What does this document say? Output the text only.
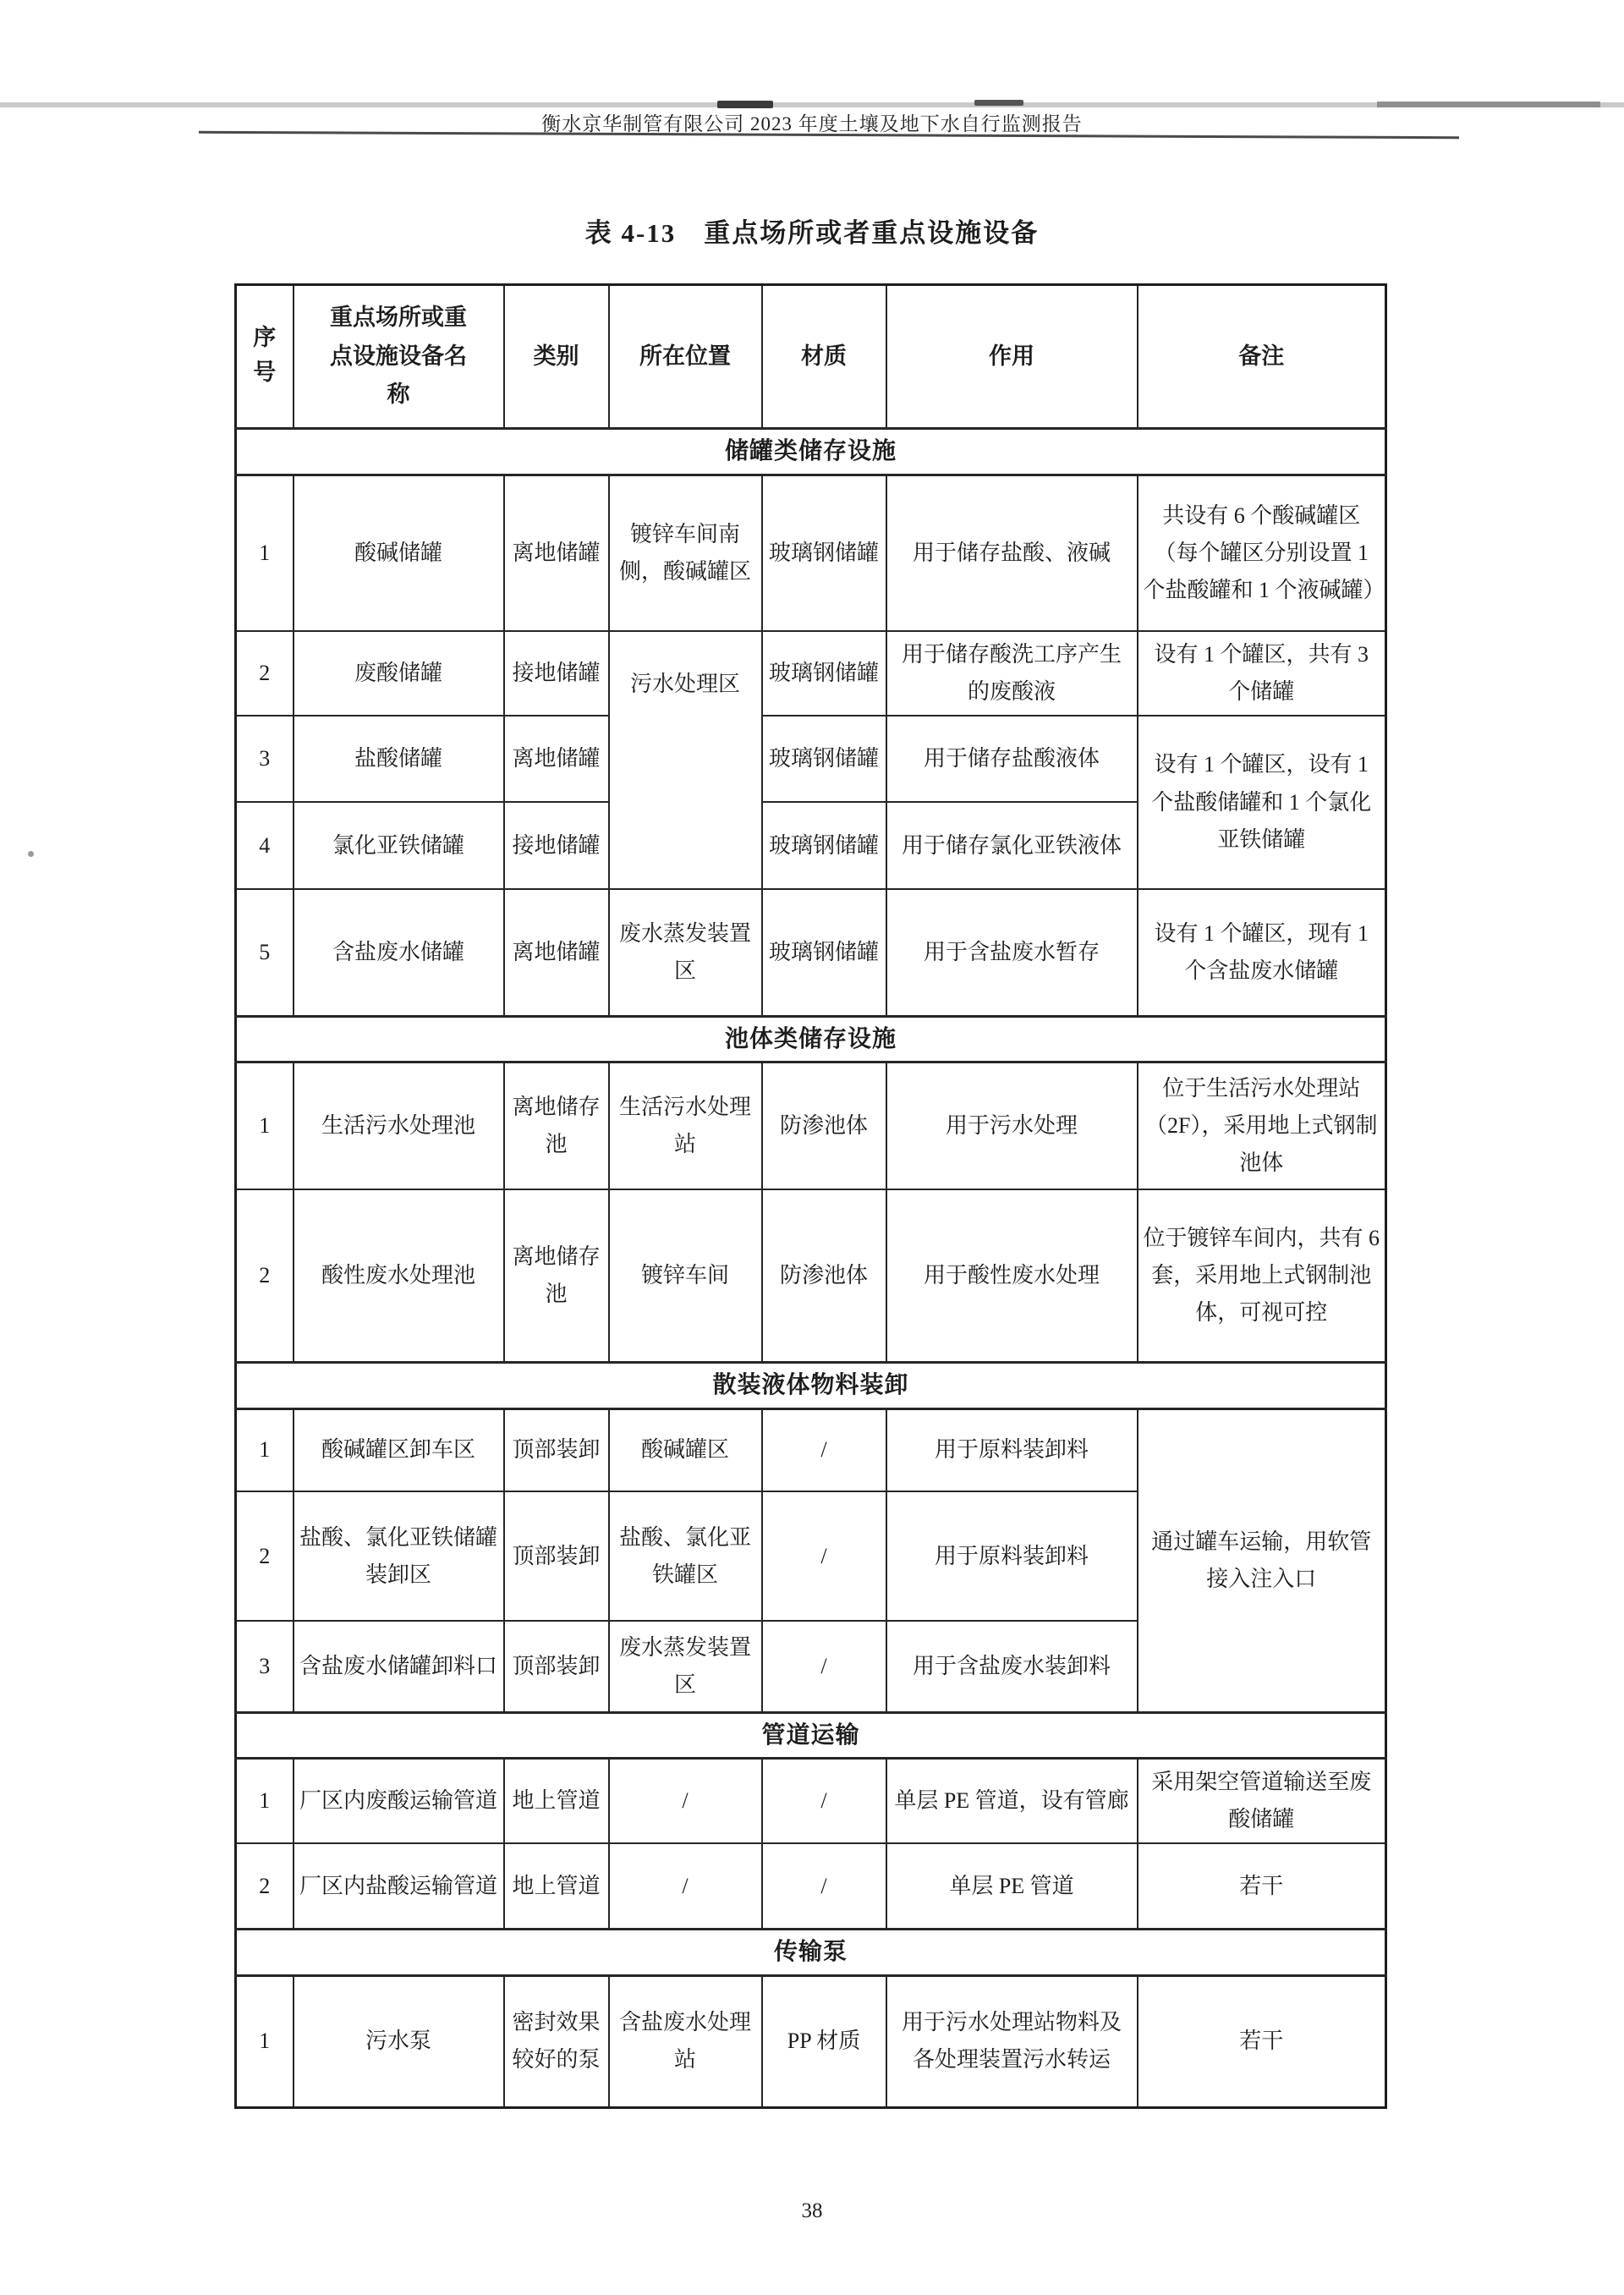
衡水京华制管有限公司 2023 年度土壤及地下水自行监测报告
表 4-13　重点场所或者重点设施设备
序号	重点场所或重点设施设备名称	类别	所在位置	材质	作用	备注
储罐类储存设施						
1	酸碱储罐	离地储罐	镀锌车间南侧，酸碱罐区	玻璃钢储罐	用于储存盐酸、液碱	共设有 6 个酸碱罐区（每个罐区分别设置 1 个盐酸罐和 1 个液碱罐）
2	废酸储罐	接地储罐	污水处理区	玻璃钢储罐	用于储存酸洗工序产生的废酸液	设有 1 个罐区，共有 3 个储罐
3	盐酸储罐	离地储罐		玻璃钢储罐	用于储存盐酸液体	设有 1 个罐区，设有 1 个盐酸储罐和 1 个氯化亚铁储罐
4	氯化亚铁储罐	接地储罐		玻璃钢储罐	用于储存氯化亚铁液体	
5	含盐废水储罐	离地储罐	废水蒸发装置区	玻璃钢储罐	用于含盐废水暂存	设有 1 个罐区，现有 1 个含盐废水储罐
池体类储存设施						
1	生活污水处理池	离地储存池	生活污水处理站	防渗池体	用于污水处理	位于生活污水处理站（2F），采用地上式钢制池体
2	酸性废水处理池	离地储存池	镀锌车间	防渗池体	用于酸性废水处理	位于镀锌车间内，共有 6 套，采用地上式钢制池体，可视可控
散装液体物料装卸						
1	酸碱罐区卸车区	顶部装卸	酸碱罐区	/	用于原料装卸料	通过罐车运输，用软管接入注入口
2	盐酸、氯化亚铁储罐装卸区	顶部装卸	盐酸、氯化亚铁罐区	/	用于原料装卸料	
3	含盐废水储罐卸料口	顶部装卸	废水蒸发装置区	/	用于含盐废水装卸料	
管道运输						
1	厂区内废酸运输管道	地上管道	/	/	单层 PE 管道，设有管廊	采用架空管道输送至废酸储罐
2	厂区内盐酸运输管道	地上管道	/	/	单层 PE 管道	若干
传输泵						
1	污水泵	密封效果较好的泵	含盐废水处理站	PP 材质	用于污水处理站物料及各处理装置污水转运	若干
38
